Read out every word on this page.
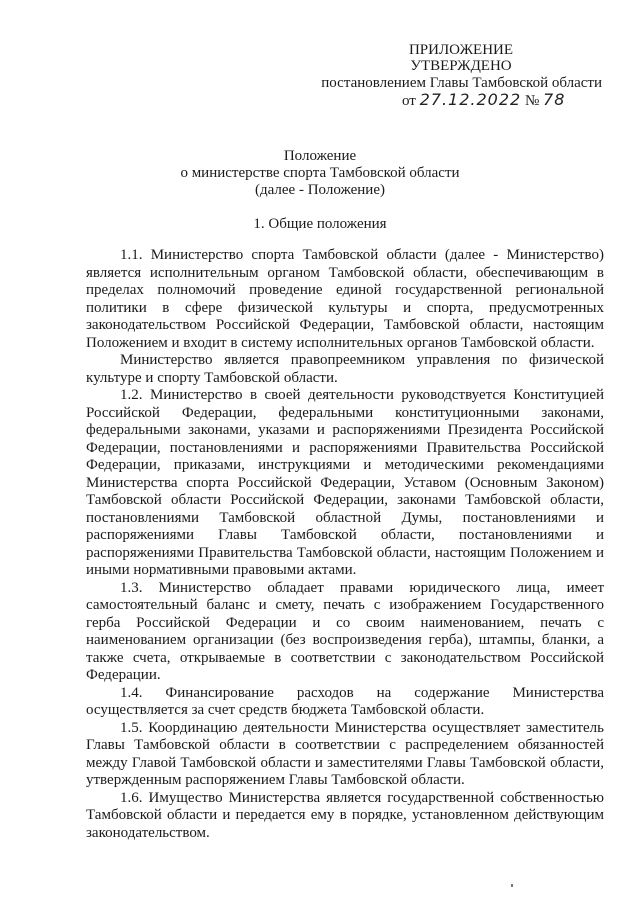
ПРИЛОЖЕНИЕ
УТВЕРЖДЕНО
постановлением Главы Тамбовской области
от 27.12.2022 № 78
Положение
о министерстве спорта Тамбовской области
(далее - Положение)
1. Общие положения

1.1. Министерство спорта Тамбовской области (далее - Министерство) является исполнительным органом Тамбовской области, обеспечивающим в пределах полномочий проведение единой государственной региональной политики в сфере физической культуры и спорта, предусмотренных законодательством Российской Федерации, Тамбовской области, настоящим Положением и входит в систему исполнительных органов Тамбовской области.

Министерство является правопреемником управления по физической культуре и спорту Тамбовской области.

1.2. Министерство в своей деятельности руководствуется Конституцией Российской Федерации, федеральными конституционными законами, федеральными законами, указами и распоряжениями Президента Российской Федерации, постановлениями и распоряжениями Правительства Российской Федерации, приказами, инструкциями и методическими рекомендациями Министерства спорта Российской Федерации, Уставом (Основным Законом) Тамбовской области Российской Федерации, законами Тамбовской области, постановлениями Тамбовской областной Думы, постановлениями и распоряжениями Главы Тамбовской области, постановлениями и распоряжениями Правительства Тамбовской области, настоящим Положением и иными нормативными правовыми актами.

1.3. Министерство обладает правами юридического лица, имеет самостоятельный баланс и смету, печать с изображением Государственного герба Российской Федерации и со своим наименованием, печать с наименованием организации (без воспроизведения герба), штампы, бланки, а также счета, открываемые в соответствии с законодательством Российской Федерации.

1.4. Финансирование расходов на содержание Министерства осуществляется за счет средств бюджета Тамбовской области.

1.5. Координацию деятельности Министерства осуществляет заместитель Главы Тамбовской области в соответствии с распределением обязанностей между Главой Тамбовской области и заместителями Главы Тамбовской области, утвержденным распоряжением Главы Тамбовской области.

1.6. Имущество Министерства является государственной собственностью Тамбовской области и передается ему в порядке, установленном действующим законодательством.
